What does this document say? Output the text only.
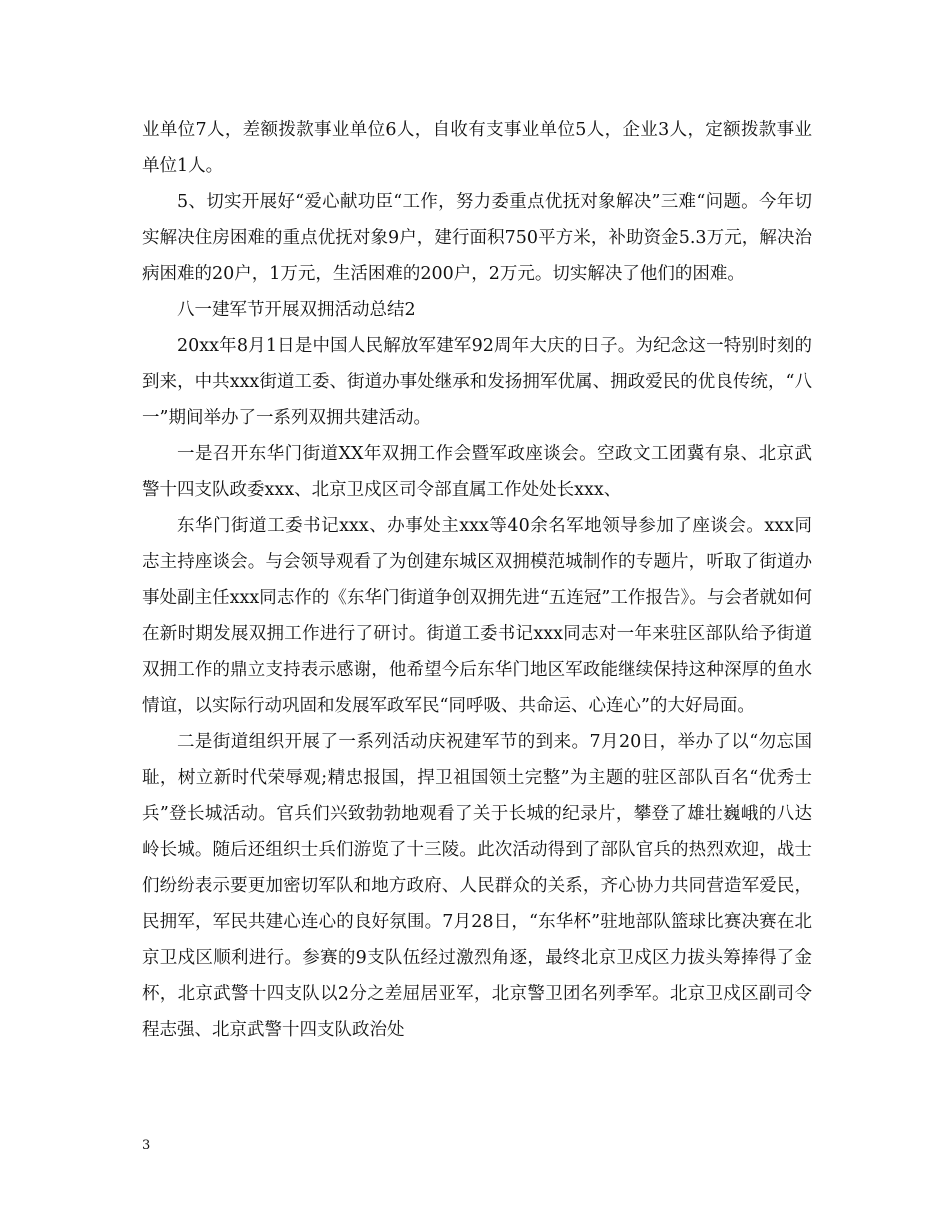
业单位7人，差额拨款事业单位6人，自收有支事业单位5人，企业3人，定额拨款事业单位1人。

5、切实开展好“爱心献功臣“工作，努力委重点优抚对象解决”三难“问题。今年切实解决住房困难的重点优抚对象9户，建行面积750平方米，补助资金5.3万元，解决治病困难的20户，1万元，生活困难的200户，2万元。切实解决了他们的困难。

八一建军节开展双拥活动总结2

20xx年8月1日是中国人民解放军建军92周年大庆的日子。为纪念这一特别时刻的到来，中共xxx街道工委、街道办事处继承和发扬拥军优属、拥政爱民的优良传统，“八一”期间举办了一系列双拥共建活动。

一是召开东华门街道XX年双拥工作会暨军政座谈会。空政文工团冀有泉、北京武警十四支队政委xxx、北京卫戍区司令部直属工作处处长xxx、

东华门街道工委书记xxx、办事处主xxx等40余名军地领导参加了座谈会。xxx同志主持座谈会。与会领导观看了为创建东城区双拥模范城制作的专题片，听取了街道办事处副主任xxx同志作的《东华门街道争创双拥先进“五连冠”工作报告》。与会者就如何在新时期发展双拥工作进行了研讨。街道工委书记xxx同志对一年来驻区部队给予街道双拥工作的鼎立支持表示感谢，他希望今后东华门地区军政能继续保持这种深厚的鱼水情谊，以实际行动巩固和发展军政军民“同呼吸、共命运、心连心”的大好局面。

二是街道组织开展了一系列活动庆祝建军节的到来。7月20日，举办了以“勿忘国耻，树立新时代荣辱观;精忠报国，捍卫祖国领土完整”为主题的驻区部队百名“优秀士兵”登长城活动。官兵们兴致勃勃地观看了关于长城的纪录片，攀登了雄壮巍峨的八达岭长城。随后还组织士兵们游览了十三陵。此次活动得到了部队官兵的热烈欢迎，战士们纷纷表示要更加密切军队和地方政府、人民群众的关系，齐心协力共同营造军爱民，民拥军，军民共建心连心的良好氛围。7月28日，“东华杯”驻地部队篮球比赛决赛在北京卫戍区顺利进行。参赛的9支队伍经过激烈角逐，最终北京卫戍区力拔头筹捧得了金杯，北京武警十四支队以2分之差屈居亚军，北京警卫团名列季军。北京卫戍区副司令程志强、北京武警十四支队政治处

3
